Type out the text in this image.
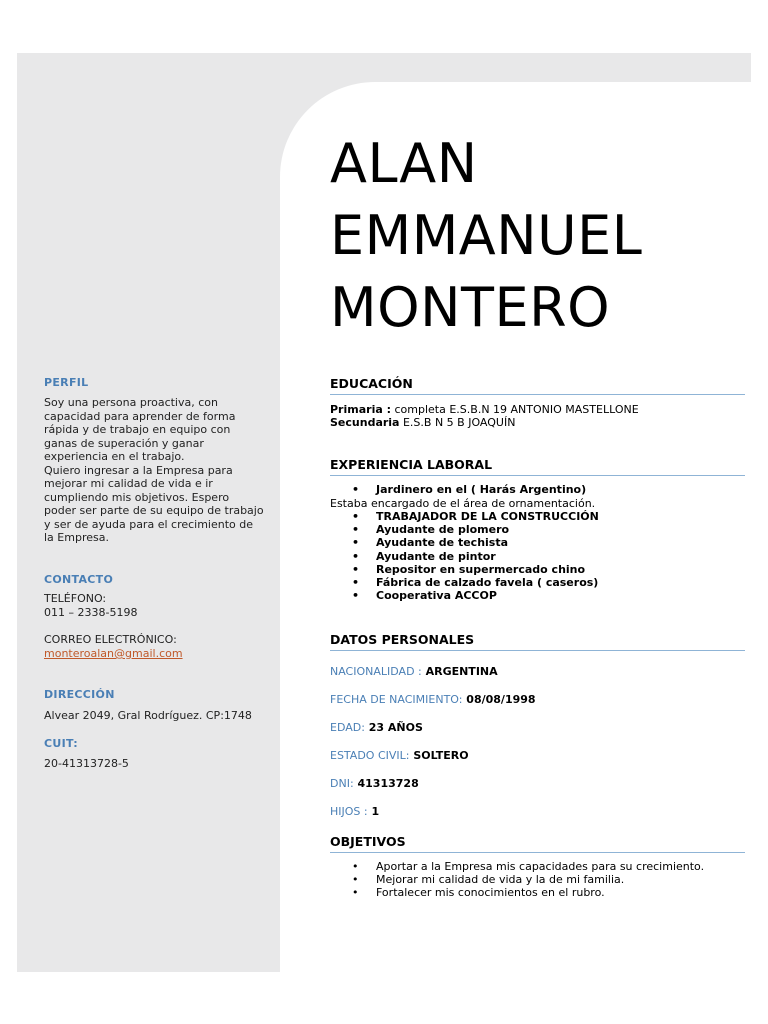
ALAN
EMMANUEL
MONTERO
PERFIL
Soy una persona proactiva, con capacidad para aprender de forma rápida y de trabajo en equipo con ganas de superación y ganar experiencia en el trabajo.
Quiero ingresar a la Empresa para mejorar mi calidad de vida e ir cumpliendo mis objetivos. Espero poder ser parte de su equipo de trabajo y ser de ayuda para el crecimiento de la Empresa.
CONTACTO
TELÉFONO:
011 – 2338-5198
CORREO ELECTRÓNICO:
monteroalan@gmail.com
DIRECCIÓN
Alvear 2049, Gral Rodríguez. CP:1748
CUIT:
20-41313728-5
EDUCACIÓN
Primaria : completa E.S.B.N 19 ANTONIO MASTELLONE
Secundaria E.S.B N 5 B JOAQUÍN
EXPERIENCIA LABORAL
• Jardinero en el ( Harás Argentino)
Estaba encargado de el área de ornamentación.
• TRABAJADOR DE LA CONSTRUCCIÓN
• Ayudante de plomero
• Ayudante de techista
• Ayudante de pintor
• Repositor en supermercado chino
• Fábrica de calzado favela ( caseros)
• Cooperativa ACCOP
DATOS PERSONALES
NACIONALIDAD : ARGENTINA
FECHA DE NACIMIENTO: 08/08/1998
EDAD: 23 AÑOS
ESTADO CIVIL: SOLTERO
DNI: 41313728
HIJOS : 1
OBJETIVOS
• Aportar a la Empresa mis capacidades para su crecimiento.
• Mejorar mi calidad de vida y la de mi familia.
• Fortalecer mis conocimientos en el rubro.
